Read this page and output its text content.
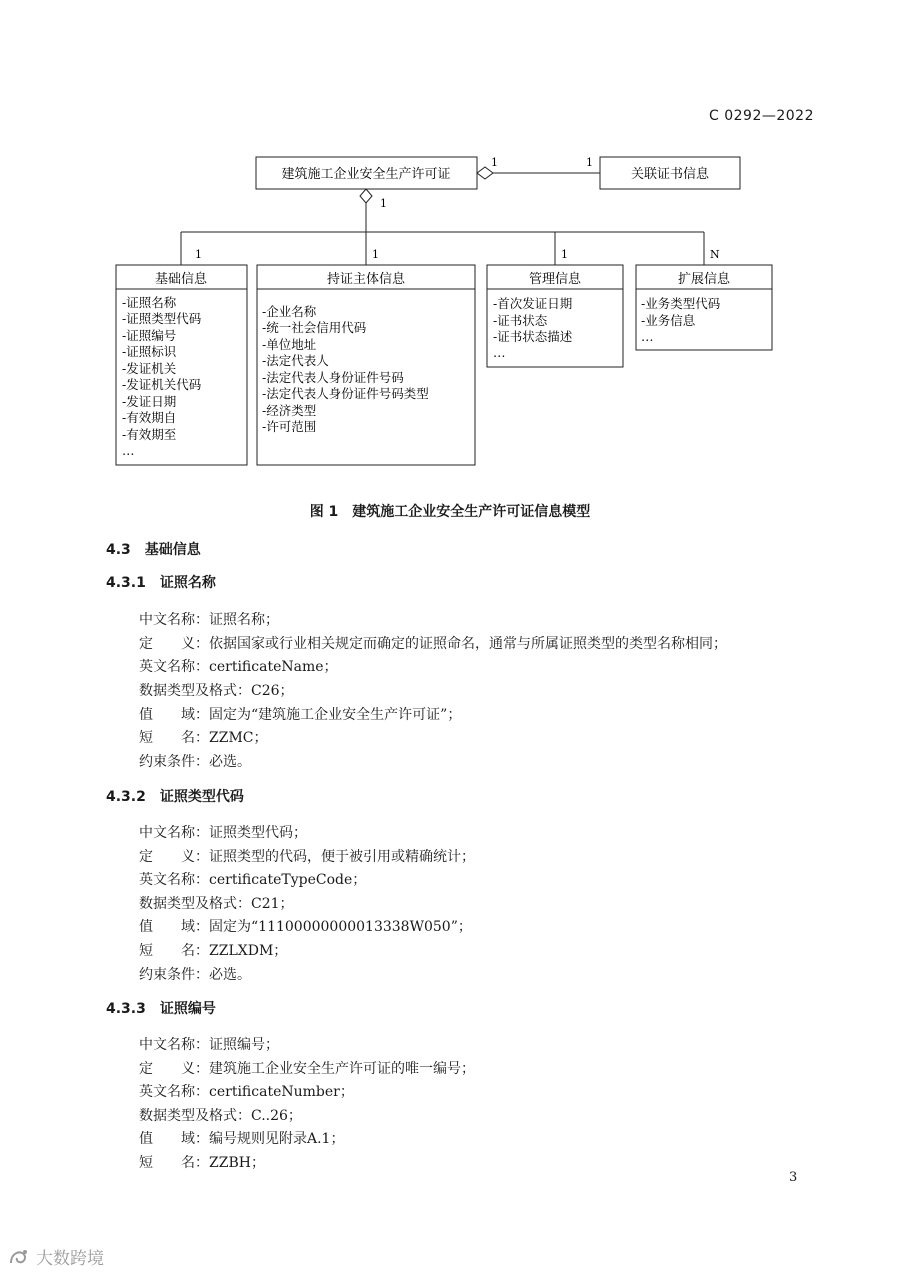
C 0292—2022
建筑施工企业安全生产许可证	关联证书信息
1	1
1
1	1	1	N
基础信息
-证照名称
-证照类型代码
-证照编号
-证照标识
-发证机关
-发证机关代码
-发证日期
-有效期自
-有效期至
…
持证主体信息
-企业名称
-统一社会信用代码
-单位地址
-法定代表人
-法定代表人身份证件号码
-法定代表人身份证件号码类型
-经济类型
-许可范围
管理信息
-首次发证日期
-证书状态
-证书状态描述
…
扩展信息
-业务类型代码
-业务信息
…
图 1　建筑施工企业安全生产许可证信息模型
4.3　基础信息
4.3.1　证照名称
中文名称：证照名称；
定　　义：依据国家或行业相关规定而确定的证照命名，通常与所属证照类型的类型名称相同；
英文名称：certificateName；
数据类型及格式：C26；
值　　域：固定为“建筑施工企业安全生产许可证”；
短　　名：ZZMC；
约束条件：必选。
4.3.2　证照类型代码
中文名称：证照类型代码；
定　　义：证照类型的代码，便于被引用或精确统计；
英文名称：certificateTypeCode；
数据类型及格式：C21；
值　　域：固定为“11100000000013338W050”；
短　　名：ZZLXDM；
约束条件：必选。
4.3.3　证照编号
中文名称：证照编号；
定　　义：建筑施工企业安全生产许可证的唯一编号；
英文名称：certificateNumber；
数据类型及格式：C..26；
值　　域：编号规则见附录A.1；
短　　名：ZZBH；
3
大数跨境
